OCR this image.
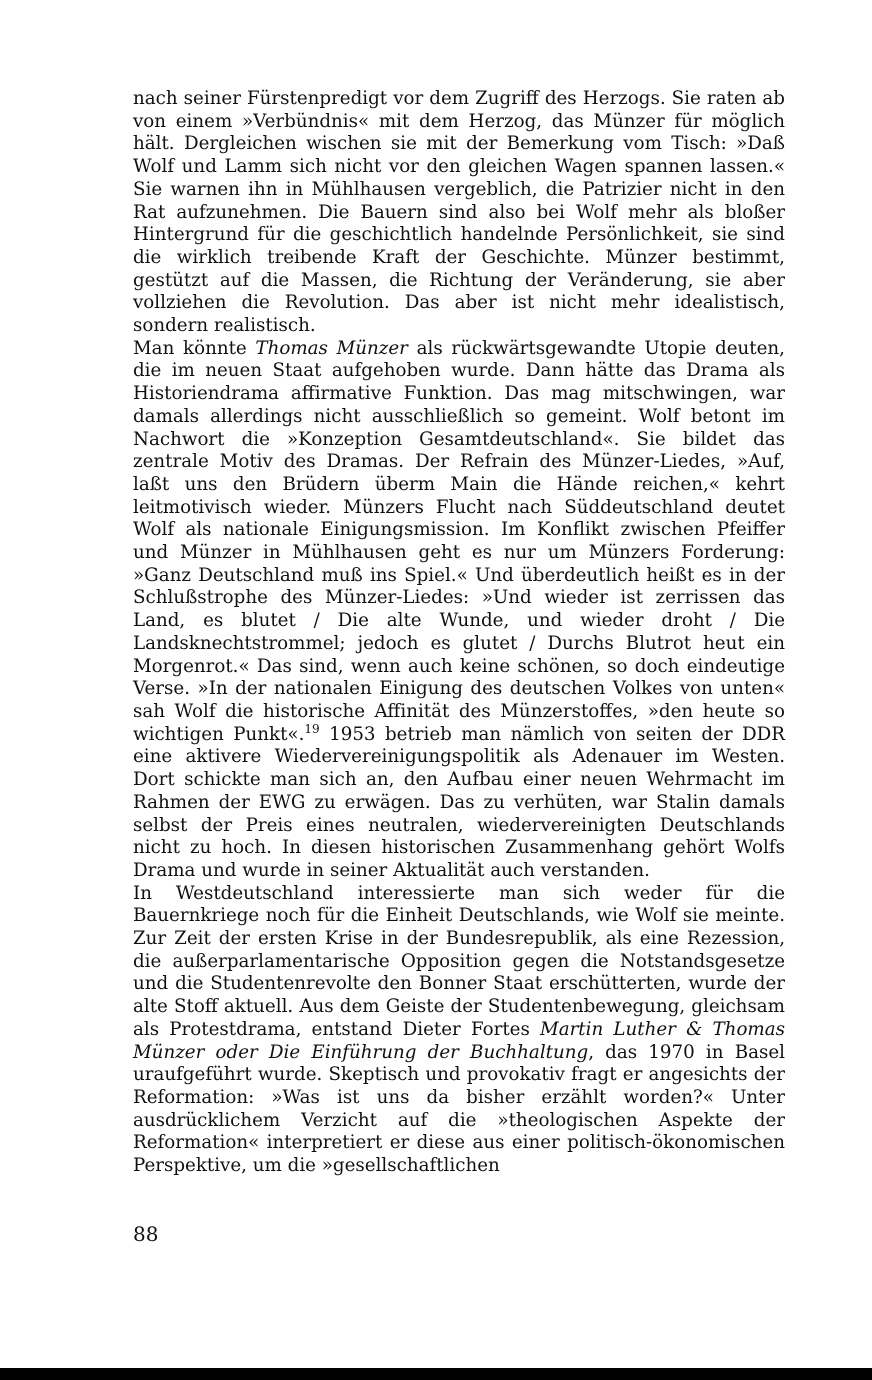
nach seiner Fürstenpredigt vor dem Zugriff des Herzogs. Sie raten ab von einem »Verbündnis« mit dem Herzog, das Münzer für möglich hält. Dergleichen wischen sie mit der Bemerkung vom Tisch: »Daß Wolf und Lamm sich nicht vor den gleichen Wagen spannen lassen.« Sie warnen ihn in Mühlhausen vergeblich, die Patrizier nicht in den Rat aufzunehmen. Die Bauern sind also bei Wolf mehr als bloßer Hintergrund für die geschichtlich handelnde Persönlichkeit, sie sind die wirklich treibende Kraft der Geschichte. Münzer bestimmt, gestützt auf die Massen, die Richtung der Veränderung, sie aber vollziehen die Revolution. Das aber ist nicht mehr idealistisch, sondern realistisch.

Man könnte Thomas Münzer als rückwärtsgewandte Utopie deuten, die im neuen Staat aufgehoben wurde. Dann hätte das Drama als Historiendrama affirmative Funktion. Das mag mitschwingen, war damals allerdings nicht ausschließlich so gemeint. Wolf betont im Nachwort die »Konzeption Gesamtdeutschland«. Sie bildet das zentrale Motiv des Dramas. Der Refrain des Münzer-Liedes, »Auf, laßt uns den Brüdern überm Main die Hände reichen,« kehrt leitmotivisch wieder. Münzers Flucht nach Süddeutschland deutet Wolf als nationale Einigungsmission. Im Konflikt zwischen Pfeiffer und Münzer in Mühlhausen geht es nur um Münzers Forderung: »Ganz Deutschland muß ins Spiel.« Und überdeutlich heißt es in der Schlußstrophe des Münzer-Liedes: »Und wieder ist zerrissen das Land, es blutet / Die alte Wunde, und wieder droht / Die Landsknechtstrommel; jedoch es glutet / Durchs Blutrot heut ein Morgenrot.« Das sind, wenn auch keine schönen, so doch eindeutige Verse. »In der nationalen Einigung des deutschen Volkes von unten« sah Wolf die historische Affinität des Münzerstoffes, »den heute so wichtigen Punkt«.$^{19}$ 1953 betrieb man nämlich von seiten der DDR eine aktivere Wiedervereinigungspolitik als Adenauer im Westen. Dort schickte man sich an, den Aufbau einer neuen Wehrmacht im Rahmen der EWG zu erwägen. Das zu verhüten, war Stalin damals selbst der Preis eines neutralen, wiedervereinigten Deutschlands nicht zu hoch. In diesen historischen Zusammenhang gehört Wolfs Drama und wurde in seiner Aktualität auch verstanden.

In Westdeutschland interessierte man sich weder für die Bauernkriege noch für die Einheit Deutschlands, wie Wolf sie meinte. Zur Zeit der ersten Krise in der Bundesrepublik, als eine Rezession, die außerparlamentarische Opposition gegen die Notstandsgesetze und die Studentenrevolte den Bonner Staat erschütterten, wurde der alte Stoff aktuell. Aus dem Geiste der Studentenbewegung, gleichsam als Protestdrama, entstand Dieter Fortes Martin Luther & Thomas Münzer oder Die Einführung der Buchhaltung, das 1970 in Basel uraufgeführt wurde. Skeptisch und provokativ fragt er angesichts der Reformation: »Was ist uns da bisher erzählt worden?« Unter ausdrücklichem Verzicht auf die »theologischen Aspekte der Reformation« interpretiert er diese aus einer politisch-ökonomischen Perspektive, um die »gesellschaftlichen

88
